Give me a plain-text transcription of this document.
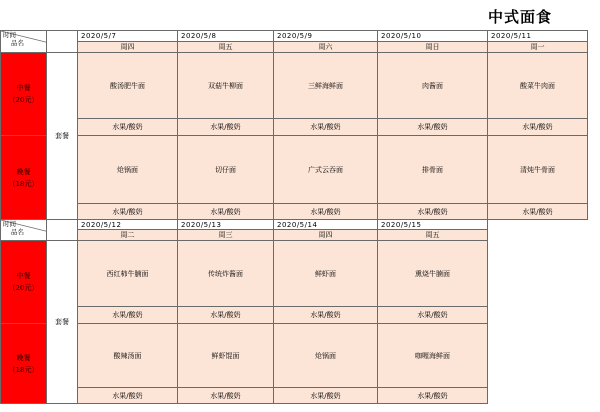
中式面食
时间
品名		2020/5/7	2020/5/8	2020/5/9	2020/5/10	2020/5/11
		周四	周五	周六	周日	周一

中餐
（20元）	套餐	酸汤肥牛面	双菇牛柳面	三鲜海鲜面	肉酱面	酸菜牛肉面
		水果/酸奶	水果/酸奶	水果/酸奶	水果/酸奶	水果/酸奶

晚餐
（18元）		炝锅面	切仔面	广式云吞面	排骨面	清炖牛骨面
		水果/酸奶	水果/酸奶	水果/酸奶	水果/酸奶	水果/酸奶

时间
品名		2020/5/12	2020/5/13	2020/5/14	2020/5/15	
		周二	周三	周四	周五	

中餐
（20元）	套餐	西红柿牛腩面	传统炸酱面	鲜虾面	熏烧牛腩面	
		水果/酸奶	水果/酸奶	水果/酸奶	水果/酸奶	

晚餐
（18元）		酸辣汤面	鲜虾馄面	炝锅面	咖喱海鲜面	
		水果/酸奶	水果/酸奶	水果/酸奶	水果/酸奶	
